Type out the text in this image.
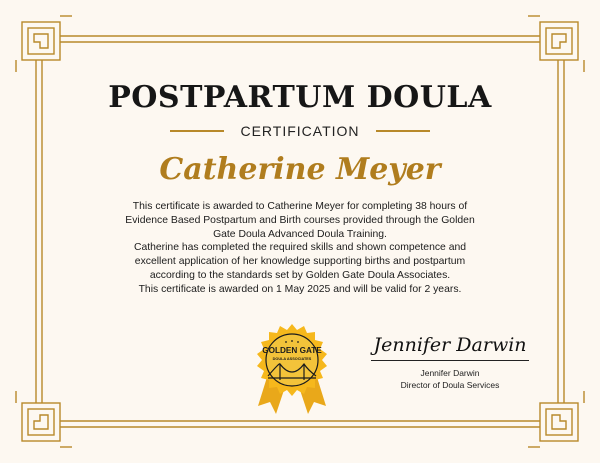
POSTPARTUM DOULA
CERTIFICATION
Catherine Meyer

This certificate is awarded to Catherine Meyer for completing 38 hours of

Evidence Based Postpartum and Birth courses provided through the Golden

Gate Doula Advanced Doula Training.

Catherine has completed the required skills and shown competence and

excellent application of her knowledge supporting births and postpartum

according to the standards set by Golden Gate Doula Associates.

This certificate is awarded on 1 May 2025 and will be valid for 2 years.

GOLDEN GATE
DOULA ASSOCIATES
Jennifer Darwin
Jennifer Darwin
Director of Doula Services
